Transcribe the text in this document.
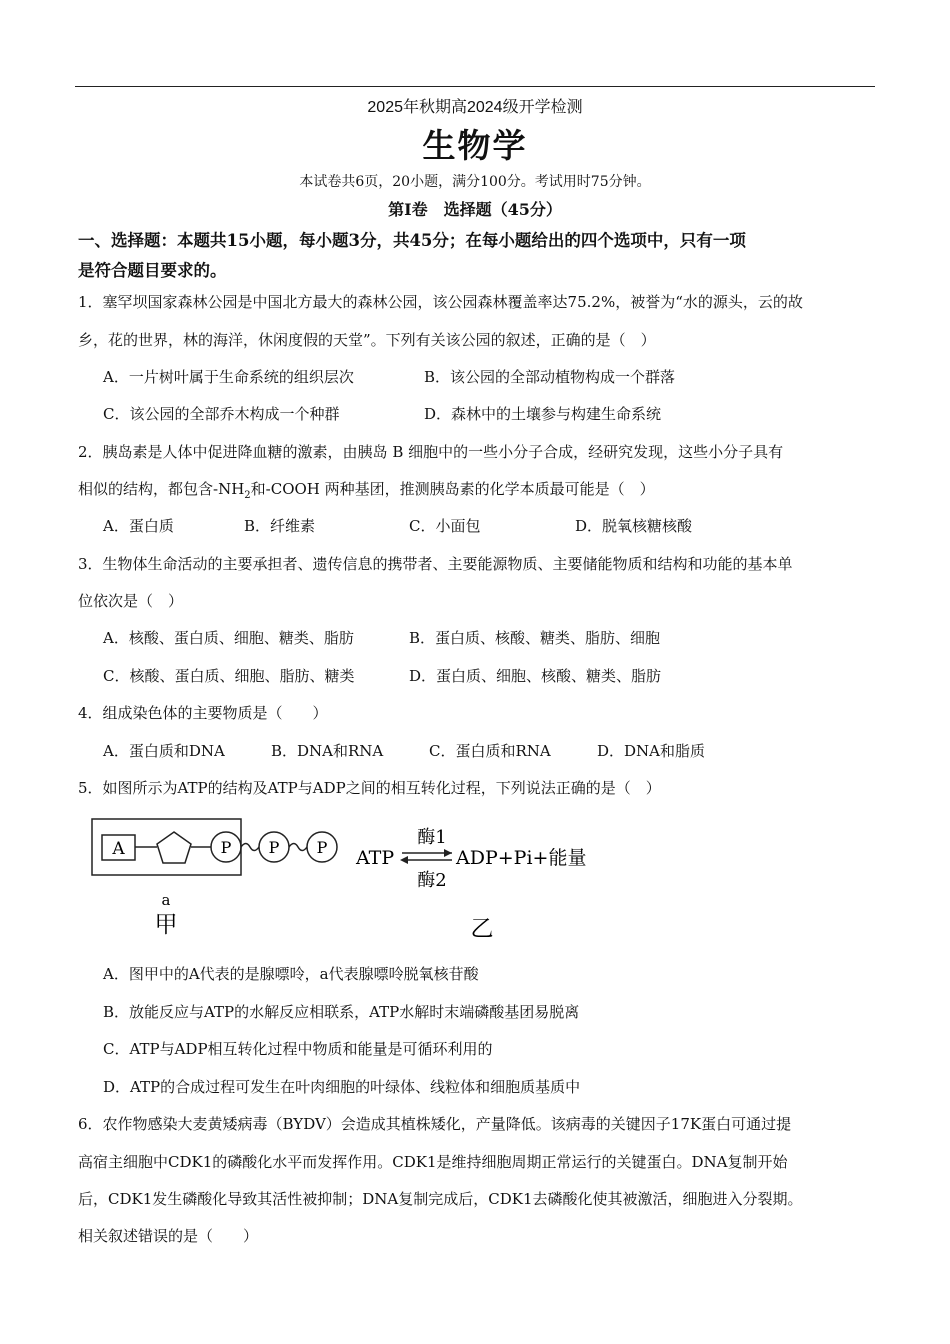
2025年秋期高2024级开学检测
生物学
本试卷共6页，20小题，满分100分。考试用时75分钟。
第Ⅰ卷 选择题（45分）
一、选择题：本题共15小题，每小题3分，共45分；在每小题给出的四个选项中，只有一项
是符合题目要求的。
1．塞罕坝国家森林公园是中国北方最大的森林公园，该公园森林覆盖率达75.2%，被誉为“水的源头，云的故
乡，花的世界，林的海洋，休闲度假的天堂”。下列有关该公园的叙述，正确的是（　）
A．一片树叶属于生命系统的组织层次	B．该公园的全部动植物构成一个群落
C．该公园的全部乔木构成一个种群	D．森林中的土壤参与构建生命系统
2．胰岛素是人体中促进降血糖的激素，由胰岛 B 细胞中的一些小分子合成，经研究发现，这些小分子具有
相似的结构，都包含$-NH_2$和-COOH 两种基团，推测胰岛素的化学本质最可能是（　）
A．蛋白质	B．纤维素	C．小面包	D．脱氧核糖核酸
3．生物体生命活动的主要承担者、遗传信息的携带者、主要能源物质、主要储能物质和结构和功能的基本单
位依次是（　）
A．核酸、蛋白质、细胞、糖类、脂肪	B．蛋白质、核酸、糖类、脂肪、细胞
C．核酸、蛋白质、细胞、脂肪、糖类	D．蛋白质、细胞、核酸、糖类、脂肪
4．组成染色体的主要物质是（　　）
A．蛋白质和DNA	B．DNA和RNA	C．蛋白质和RNA	D．DNA和脂质
5．如图所示为ATP的结构及ATP与ADP之间的相互转化过程，下列说法正确的是（　）
A	P P P
a
甲
ATP
酶1
酶2
ADP+Pi+能量
乙
A．图甲中的A代表的是腺嘌呤，a代表腺嘌呤脱氧核苷酸
B．放能反应与ATP的水解反应相联系，ATP水解时末端磷酸基团易脱离
C．ATP与ADP相互转化过程中物质和能量是可循环利用的
D．ATP的合成过程可发生在叶肉细胞的叶绿体、线粒体和细胞质基质中
6．农作物感染大麦黄矮病毒（BYDV）会造成其植株矮化，产量降低。该病毒的关键因子17K蛋白可通过提
高宿主细胞中CDK1的磷酸化水平而发挥作用。CDK1是维持细胞周期正常运行的关键蛋白。DNA复制开始
后，CDK1发生磷酸化导致其活性被抑制；DNA复制完成后，CDK1去磷酸化使其被激活，细胞进入分裂期。
相关叙述错误的是（　　）
